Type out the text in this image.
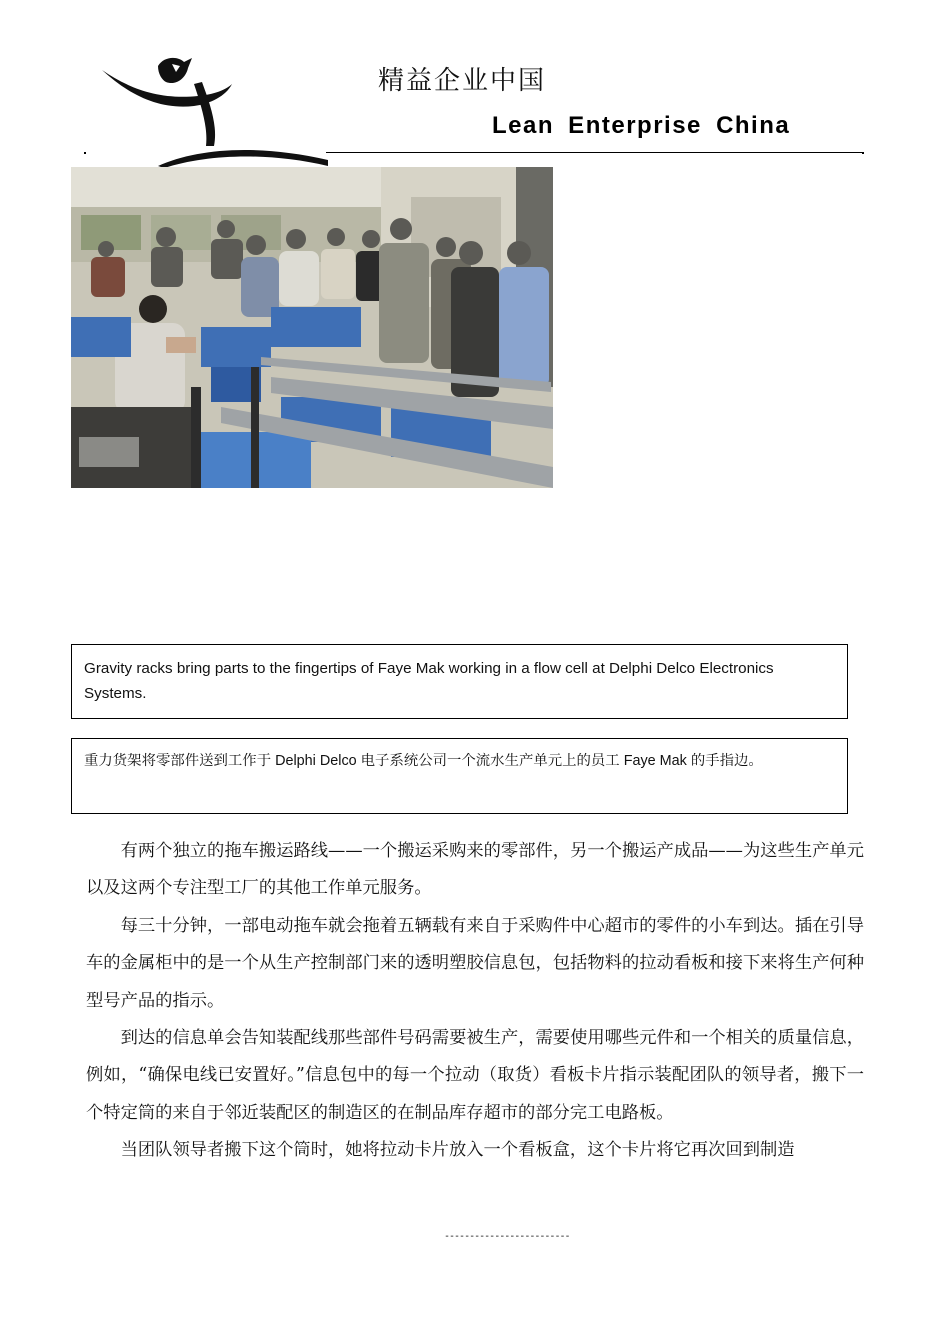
精益企业中国
Lean Enterprise China
Gravity racks bring parts to the fingertips of Faye Mak working in a flow cell at Delphi Delco Electronics Systems.
重力货架将零部件送到工作于 Delphi Delco 电子系统公司一个流水生产单元上的员工 Faye Mak 的手指边。

有两个独立的拖车搬运路线——一个搬运采购来的零部件，另一个搬运产成品——为这些生产单元以及这两个专注型工厂的其他工作单元服务。

每三十分钟，一部电动拖车就会拖着五辆载有来自于采购件中心超市的零件的小车到达。插在引导车的金属柜中的是一个从生产控制部门来的透明塑胶信息包，包括物料的拉动看板和接下来将生产何种型号产品的指示。

到达的信息单会告知装配线那些部件号码需要被生产，需要使用哪些元件和一个相关的质量信息，例如，“确保电线已安置好。”信息包中的每一个拉动（取货）看板卡片指示装配团队的领导者，搬下一个特定筒的来自于邻近装配区的制造区的在制品库存超市的部分完工电路板。

当团队领导者搬下这个筒时，她将拉动卡片放入一个看板盒，这个卡片将它再次回到制造

-------------------------
